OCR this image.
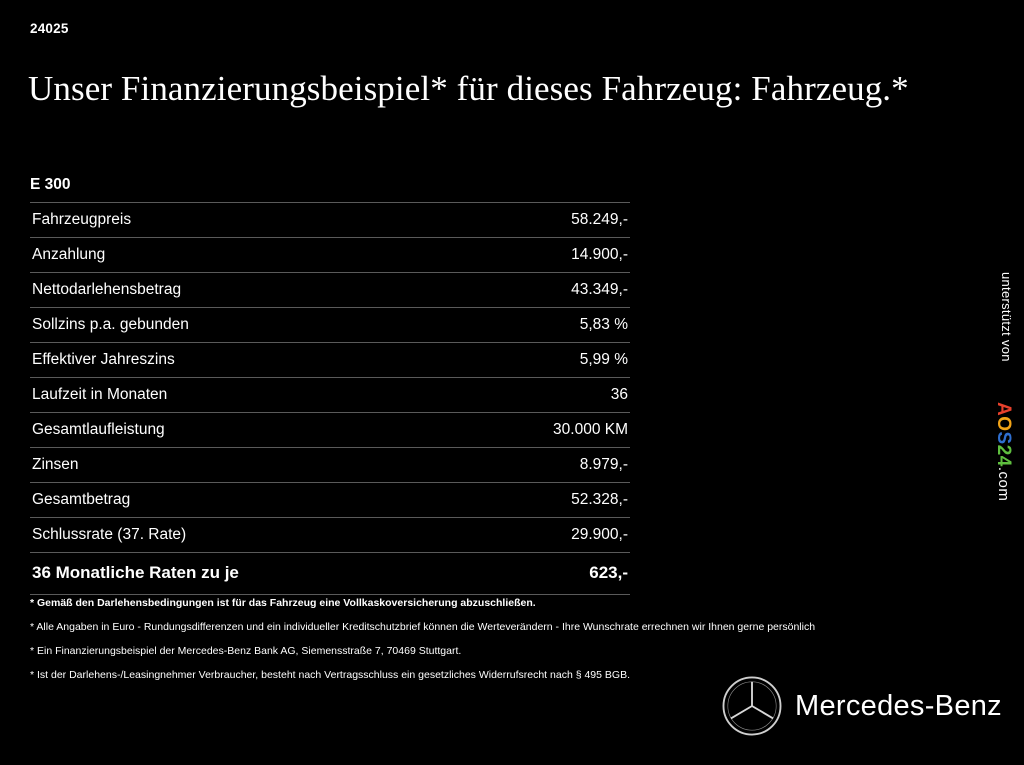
24025
Unser Finanzierungsbeispiel* für dieses Fahrzeug: Fahrzeug.*
E 300
Fahrzeugpreis	58.249,-
Anzahlung	14.900,-
Nettodarlehensbetrag	43.349,-
Sollzins p.a. gebunden	5,83 %
Effektiver Jahreszins	5,99 %
Laufzeit in Monaten	36
Gesamtlaufleistung	30.000 KM
Zinsen	8.979,-
Gesamtbetrag	52.328,-
Schlussrate (37. Rate)	29.900,-
36 Monatliche Raten zu je	623,-
* Gemäß den Darlehensbedingungen ist für das Fahrzeug eine Vollkaskoversicherung abzuschließen.
* Alle Angaben in Euro - Rundungsdifferenzen und ein individueller Kreditschutzbrief können die Werteverändern - Ihre Wunschrate errechnen wir Ihnen gerne persönlich
* Ein Finanzierungsbeispiel der Mercedes-Benz Bank AG, Siemensstraße 7, 70469 Stuttgart.
* Ist der Darlehens-/Leasingnehmer Verbraucher, besteht nach Vertragsschluss ein gesetzliches Widerrufsrecht nach § 495 BGB.
unterstützt von
AOS24.com
Mercedes-Benz
